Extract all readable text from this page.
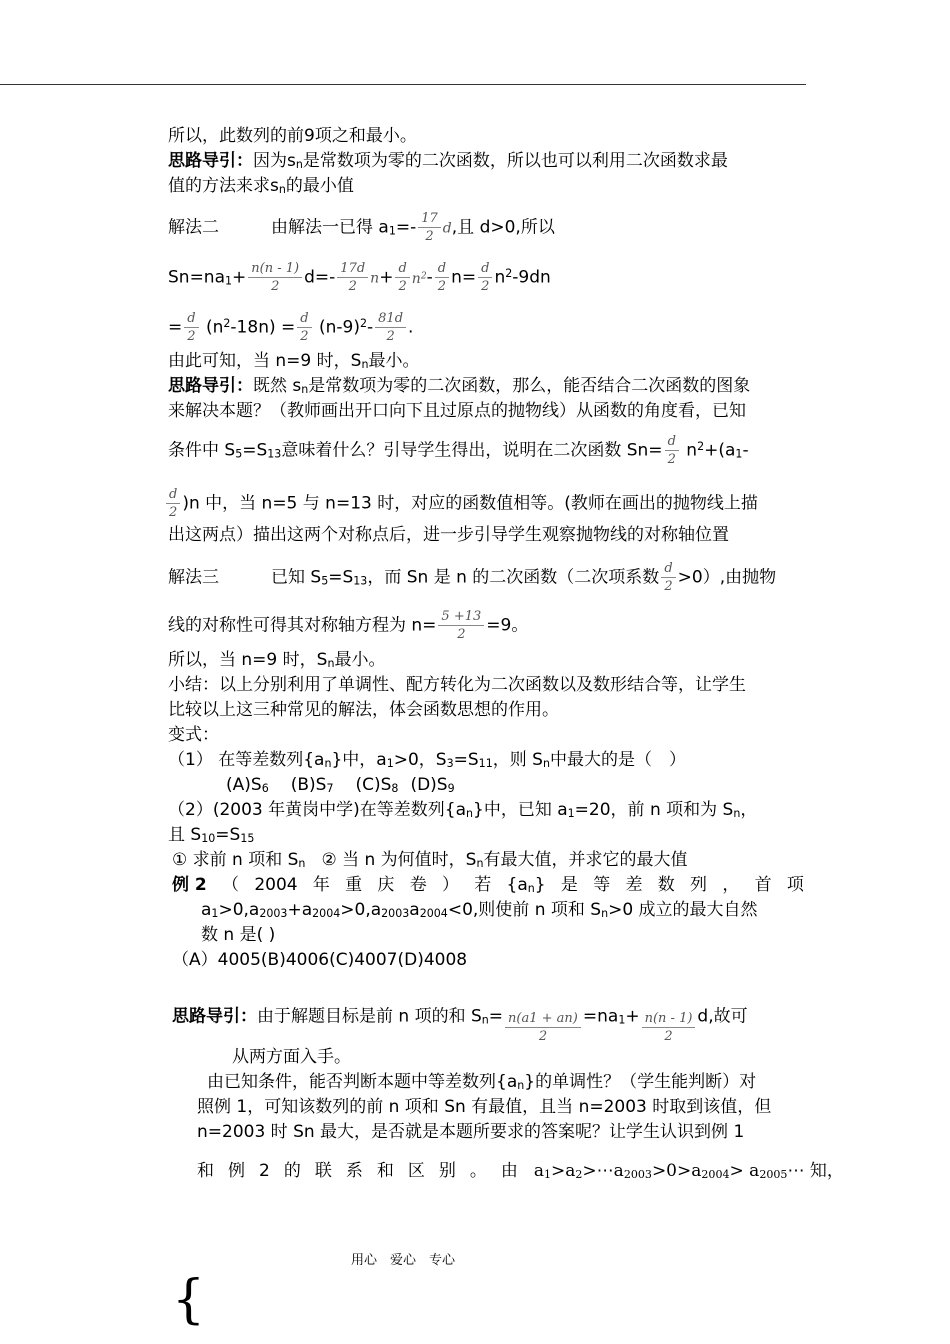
所以，此数列的前9项之和最小。
思路导引：因为$s_n$是常数项为零的二次函数，所以也可以利用二次函数求最
值的方法来求$s_n$的最小值
解法二	由解法一已得 $a_1=- \frac{17}{2} d$,且 d>0,所以
$Sn=na_1+ \frac{n(n - 1)}{2} d=- \frac{17d}{2} n+ \frac{d}{2} n^2- \frac{d}{2} n= \frac{d}{2} n^2-9dn$
= $\frac{d}{2} (n^2-18n) = \frac{d}{2} (n-9)^2- \frac{81d}{2}$ .
由此可知，当 n=9 时，$S_n$最小。
思路导引：既然 $s_n$是常数项为零的二次函数，那么，能否结合二次函数的图象
来解决本题？（教师画出开口向下且过原点的抛物线）从函数的角度看，已知
条件中 $S_5=S_{13}$意味着什么？引导学生得出，说明在二次函数 $Sn= \frac{d}{2} n^2+(a_1-$
$\frac{d}{2} )n$ 中，当 n=5 与 n=13 时，对应的函数值相等。(教师在画出的抛物线上描
出这两点）描出这两个对称点后，进一步引导学生观察抛物线的对称轴位置
解法三	已知 $S_5=S_{13}$，而 Sn 是 n 的二次函数（二次项系数 $\frac{d}{2} >0$）,由抛物
线的对称性可得其对称轴方程为 $n= \frac{5 +13}{2} =9$。
所以，当 n=9 时，$S_n$最小。
小结：以上分别利用了单调性、配方转化为二次函数以及数形结合等，让学生
比较以上这三种常见的解法，体会函数思想的作用。
变式：
（1） 在等差数列$\{a_n\}$中，$a_1>0$，$S_3=S_{11}$，则 $S_n$中最大的是（　）
$(A)S_6$ $(B)S_7$ $(C)S_8$ $(D)S_9$
（2）(2003 年黄岗中学)在等差数列$\{a_n\}$中，已知 $a_1=20$，前 n 项和为 $S_n$，
且 $S_{10}=S_{15}$
① 求前 n 项和 $S_n$ ② 当 n 为何值时，$S_n$有最大值，并求它的最大值
例 2 （ 2004 年 重 庆 卷 ） 若 $\{a_n\}$ 是 等 差 数 列 ， 首 项
$a_1>0,a_{2003}+a_{2004}>0,a_{2003}a_{2004}<0$,则使前 n 项和 $S_n>0$ 成立的最大自然
数 n 是( )
（A）4005(B)4006(C)4007(D)4008
思路导引：由于解题目标是前 n 项的和 $S_n= \frac{n(a1 + an)}{2} =na_1+ \frac{n(n - 1)}{2} d$,故可
从两方面入手。
由已知条件，能否判断本题中等差数列$\{a_n\}$的单调性？（学生能判断）对
照例 1，可知该数列的前 n 项和 Sn 有最值，且当 n=2003 时取到该值，但
n=2003 时 Sn 最大，是否就是本题所要求的答案呢？让学生认识到例 1
和 例 2 的 联 系 和 区 别 。 由 $a_1>a_2>\cdots a_{2003}>0>a_{2004}>$ $a_{2005}\cdots$ 知，
用心　爱心　专心
{
